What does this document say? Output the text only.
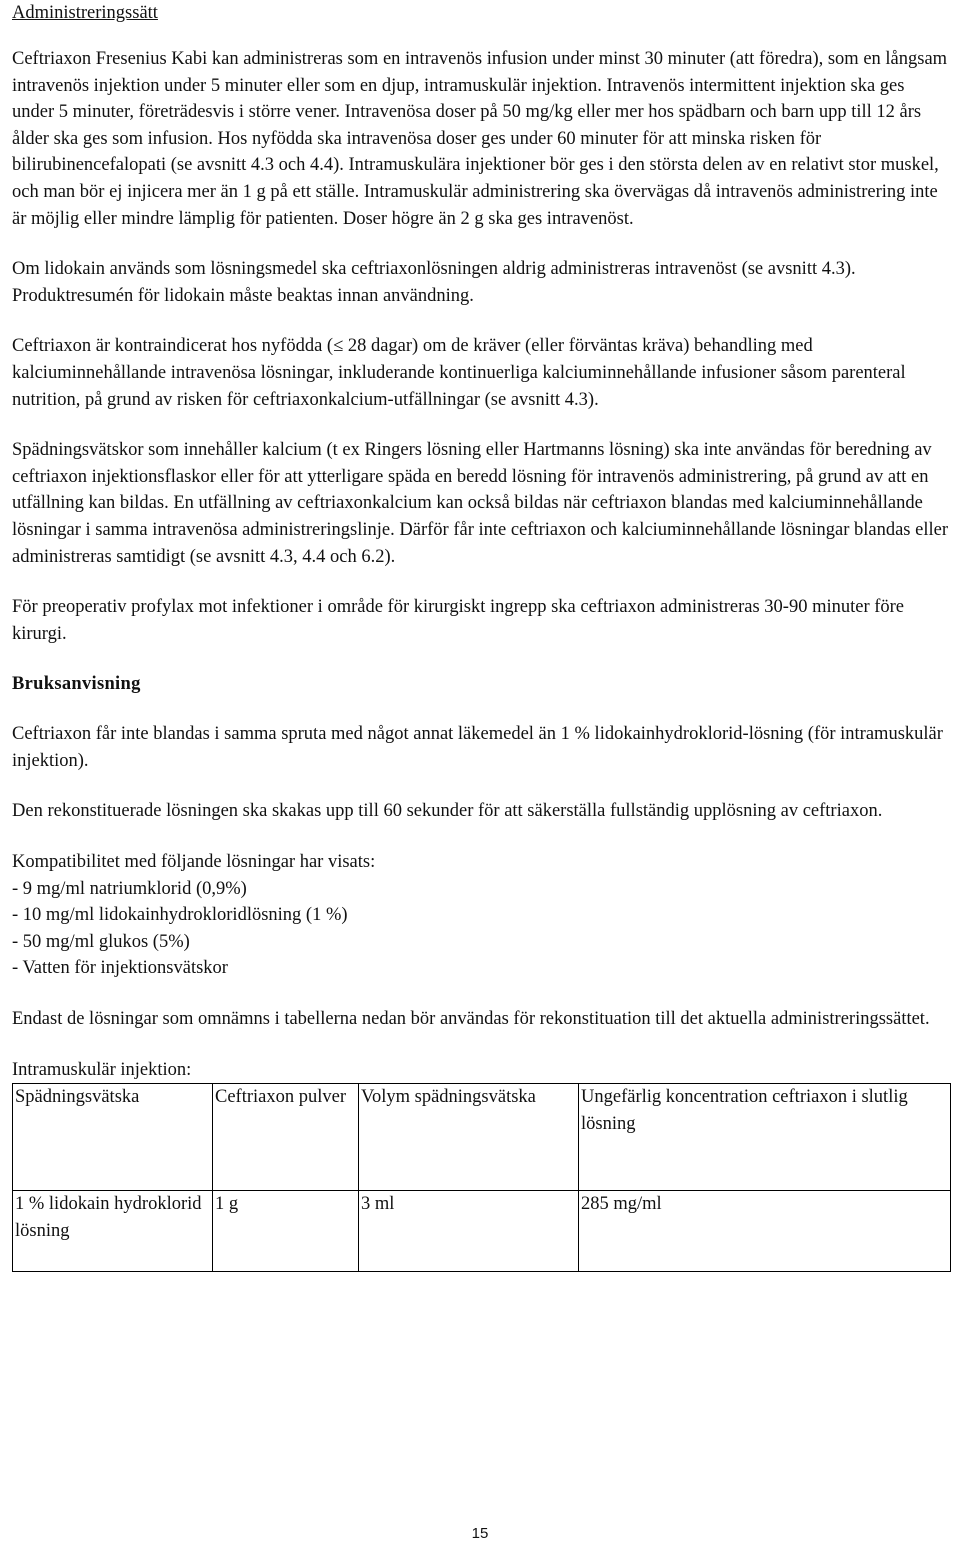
Administreringssätt

Ceftriaxon Fresenius Kabi kan administreras som en intravenös infusion under minst 30 minuter (att föredra), som en långsam intravenös injektion under 5 minuter eller som en djup, intramuskulär injektion. Intravenös intermittent injektion ska ges under 5 minuter, företrädesvis i större vener. Intravenösa doser på 50 mg/kg eller mer hos spädbarn och barn upp till 12 års ålder ska ges som infusion. Hos nyfödda ska intravenösa doser ges under 60 minuter för att minska risken för bilirubinencefalopati (se avsnitt 4.3 och 4.4). Intramuskulära injektioner bör ges i den största delen av en relativt stor muskel, och man bör ej injicera mer än 1 g på ett ställe. Intramuskulär administrering ska övervägas då intravenös administrering inte är möjlig eller mindre lämplig för patienten. Doser högre än 2 g ska ges intravenöst.

Om lidokain används som lösningsmedel ska ceftriaxonlösningen aldrig administreras intravenöst (se avsnitt 4.3). Produktresumén för lidokain måste beaktas innan användning.

Ceftriaxon är kontraindicerat hos nyfödda (≤ 28 dagar) om de kräver (eller förväntas kräva) behandling med kalciuminnehållande intravenösa lösningar, inkluderande kontinuerliga kalciuminnehållande infusioner såsom parenteral nutrition, på grund av risken för ceftriaxonkalcium-utfällningar (se avsnitt 4.3).

Spädningsvätskor som innehåller kalcium (t ex Ringers lösning eller Hartmanns lösning) ska inte användas för beredning av ceftriaxon injektionsflaskor eller för att ytterligare späda en beredd lösning för intravenös administrering, på grund av att en utfällning kan bildas. En utfällning av ceftriaxonkalcium kan också bildas när ceftriaxon blandas med kalciuminnehållande lösningar i samma intravenösa administreringslinje. Därför får inte ceftriaxon och kalciuminnehållande lösningar blandas eller administreras samtidigt (se avsnitt 4.3, 4.4 och 6.2).

För preoperativ profylax mot infektioner i område för kirurgiskt ingrepp ska ceftriaxon administreras 30-90 minuter före kirurgi.

Bruksanvisning

Ceftriaxon får inte blandas i samma spruta med något annat läkemedel än 1 % lidokainhydroklorid-lösning (för intramuskulär injektion).

Den rekonstituerade lösningen ska skakas upp till 60 sekunder för att säkerställa fullständig upplösning av ceftriaxon.

Kompatibilitet med följande lösningar har visats:

- 9 mg/ml natriumklorid (0,9%)
- 10 mg/ml lidokainhydrokloridlösning (1 %)
- 50 mg/ml glukos (5%)
- Vatten för injektionsvätskor

Endast de lösningar som omnämns i tabellerna nedan bör användas för rekonstituation till det aktuella administreringssättet.

Intramuskulär injektion:

Spädningsvätska	Ceftriaxon pulver	Volym spädningsvätska	Ungefärlig koncentration ceftriaxon i slutlig lösning
1 % lidokain hydroklorid lösning	1 g	3 ml	285 mg/ml
15
